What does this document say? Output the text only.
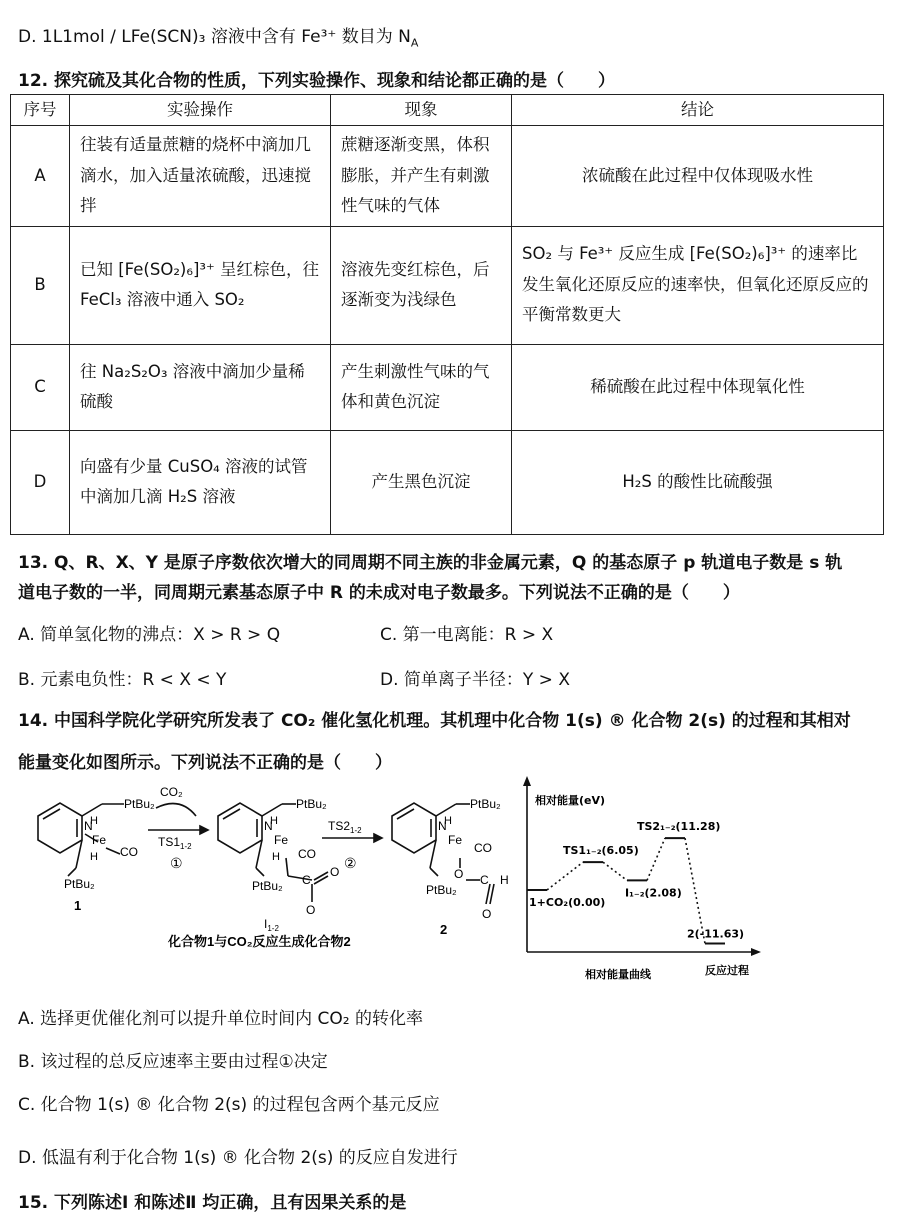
D. 1L1mol / LFe(SCN)₃ 溶液中含有 Fe³⁺ 数目为 $N_A$
12. 探究硫及其化合物的性质，下列实验操作、现象和结论都正确的是（　　）
序号	实验操作	现象	结论
A	往装有适量蔗糖的烧杯中滴加几滴水，加入适量浓硫酸，迅速搅拌	蔗糖逐渐变黑，体积膨胀，并产生有刺激性气味的气体	浓硫酸在此过程中仅体现吸水性
B	已知 [Fe(SO₂)₆]³⁺ 呈红棕色，往 FeCl₃ 溶液中通入 SO₂	溶液先变红棕色，后逐渐变为浅绿色	SO₂ 与 Fe³⁺ 反应生成 [Fe(SO₂)₆]³⁺ 的速率比发生氧化还原反应的速率快，但氧化还原反应的平衡常数更大
C	往 Na₂S₂O₃ 溶液中滴加少量稀硫酸	产生刺激性气味的气体和黄色沉淀	稀硫酸在此过程中体现氧化性
D	向盛有少量 CuSO₄ 溶液的试管中滴加几滴 H₂S 溶液	产生黑色沉淀	H₂S 的酸性比硫酸强
13. Q、R、X、Y 是原子序数依次增大的同周期不同主族的非金属元素，Q 的基态原子 p 轨道电子数是 s 轨
道电子数的一半，同周期元素基态原子中 R 的未成对电子数最多。下列说法不正确的是（　　）
A. 简单氢化物的沸点：X > R > Q	C. 第一电离能：R > X
B. 元素电负性：R < X < Y	D. 简单离子半径：Y > X
14. 中国科学院化学研究所发表了 CO₂ 催化氢化机理。其机理中化合物 1(s) ® 化合物 2(s) 的过程和其相对
能量变化如图所示。下列说法不正确的是（　　）
PtBu₂
N
H
Fe
CO
H
PtBu₂
1
CO₂
$TS1_{1-2}$
①
PtBu₂
N
H
Fe
CO
H
PtBu₂ C
O
O
$I_{1-2}$
$TS2_{1-2}$
②
PtBu₂
N
H
Fe
CO
O
PtBu₂
C H
O
2
化合物1与CO₂反应生成化合物2
相对能量(eV)
反应过程
相对能量曲线
1+CO₂(0.00)
TS1₁₋₂(6.05)
I₁₋₂(2.08)
TS2₁₋₂(11.28)
2(-11.63)
A. 选择更优催化剂可以提升单位时间内 CO₂ 的转化率
B. 该过程的总反应速率主要由过程①决定
C. 化合物 1(s) ® 化合物 2(s) 的过程包含两个基元反应
D. 低温有利于化合物 1(s) ® 化合物 2(s) 的反应自发进行
15. 下列陈述Ⅰ 和陈述Ⅱ 均正确，且有因果关系的是
